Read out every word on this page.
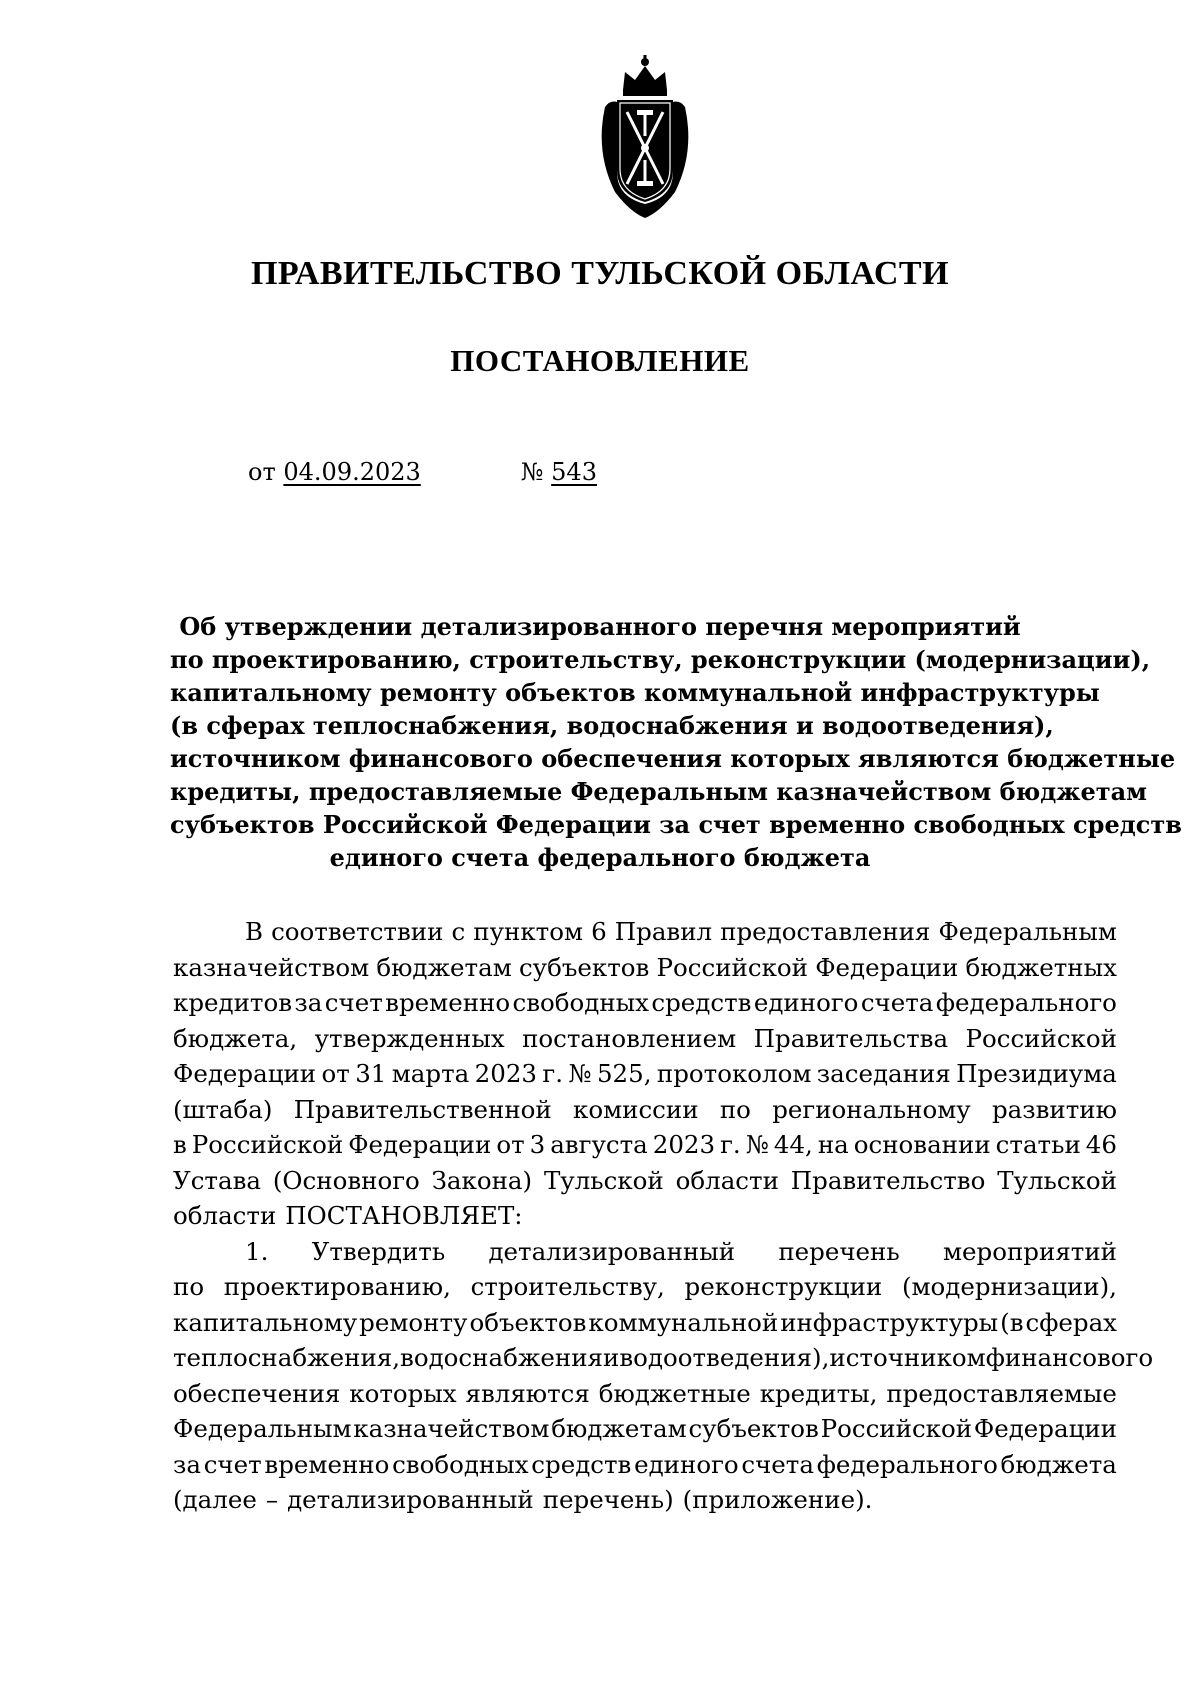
ПРАВИТЕЛЬСТВО ТУЛЬСКОЙ ОБЛАСТИ
ПОСТАНОВЛЕНИЕ
от 04.09.2023	№ 543
Об утверждении детализированного перечня мероприятий
по проектированию, строительству, реконструкции (модернизации),
капитальному ремонту объектов коммунальной инфраструктуры
(в сферах теплоснабжения, водоснабжения и водоотведения),
источником финансового обеспечения которых являются бюджетные
кредиты, предоставляемые Федеральным казначейством бюджетам
субъектов Российской Федерации за счет временно свободных средств
единого счета федерального бюджета
В соответствии с пунктом 6 Правил предоставления Федеральным
казначейством бюджетам субъектов Российской Федерации бюджетных
кредитов за счет временно свободных средств единого счета федерального
бюджета, утвержденных постановлением Правительства Российской
Федерации от 31 марта 2023 г. № 525, протоколом заседания Президиума
(штаба) Правительственной комиссии по региональному развитию
в Российской Федерации от 3 августа 2023 г. № 44, на основании статьи 46
Устава (Основного Закона) Тульской области Правительство Тульской
области ПОСТАНОВЛЯЕТ:
1. Утвердить детализированный перечень мероприятий
по проектированию, строительству, реконструкции (модернизации),
капитальному ремонту объектов коммунальной инфраструктуры (в сферах
теплоснабжения, водоснабжения и водоотведения), источником финансового
обеспечения которых являются бюджетные кредиты, предоставляемые
Федеральным казначейством бюджетам субъектов Российской Федерации
за счет временно свободных средств единого счета федерального бюджета
(далее – детализированный перечень) (приложение).
